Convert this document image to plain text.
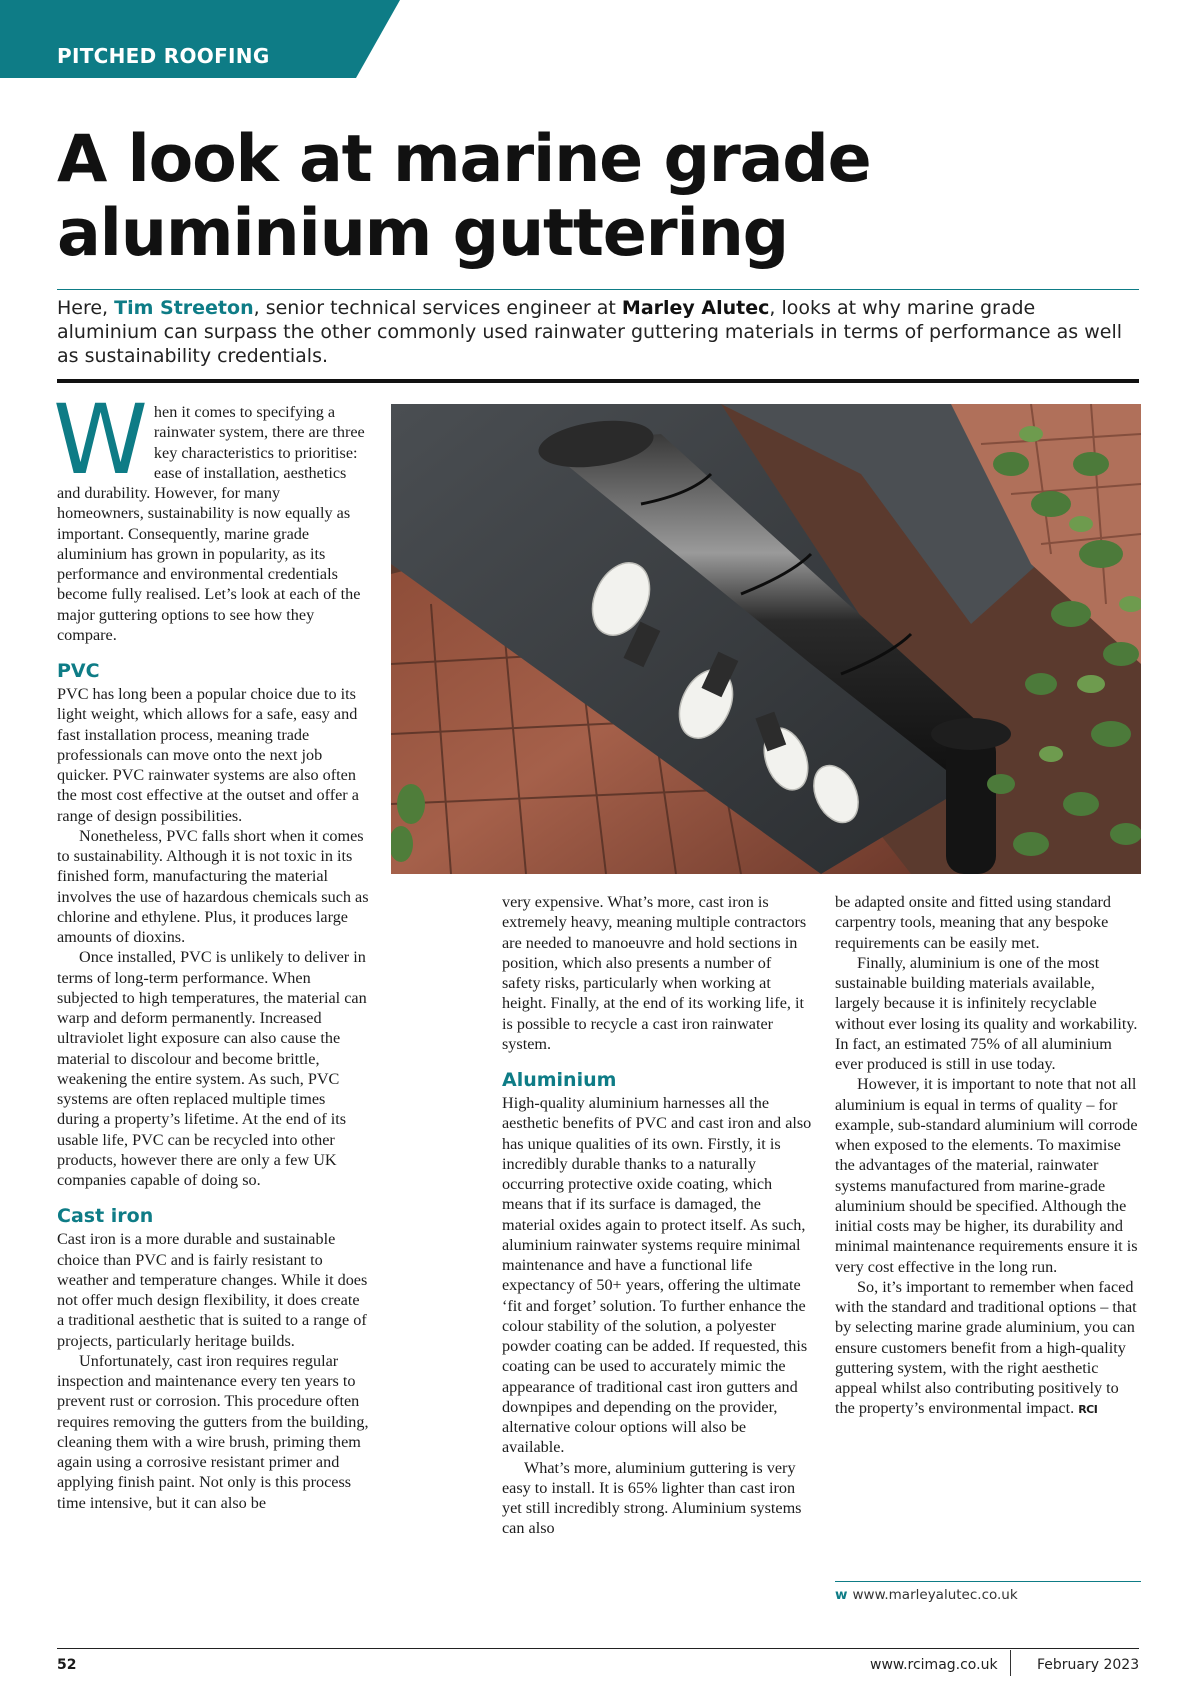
PITCHED ROOFING
A look at marine grade
aluminium guttering

Here, Tim Streeton, senior technical services engineer at Marley Alutec, looks at why marine grade aluminium can surpass the other commonly used rainwater guttering materials in terms of performance as well as sustainability credentials.

When it comes to specifying a rainwater system, there are three key characteristics to prioritise: ease of installation, aesthetics and durability. However, for many homeowners, sustainability is now equally as important. Consequently, marine grade aluminium has grown in popularity, as its performance and environmental credentials become fully realised. Let’s look at each of the major guttering options to see how they compare.

PVC

PVC has long been a popular choice due to its light weight, which allows for a safe, easy and fast installation process, meaning trade professionals can move onto the next job quicker. PVC rainwater systems are also often the most cost effective at the outset and offer a range of design possibilities.

Nonetheless, PVC falls short when it comes to sustainability. Although it is not toxic in its finished form, manufacturing the material involves the use of hazardous chemicals such as chlorine and ethylene. Plus, it produces large amounts of dioxins.

Once installed, PVC is unlikely to deliver in terms of long-term performance. When subjected to high temperatures, the material can warp and deform permanently. Increased ultraviolet light exposure can also cause the material to discolour and become brittle, weakening the entire system. As such, PVC systems are often replaced multiple times during a property’s lifetime. At the end of its usable life, PVC can be recycled into other products, however there are only a few UK companies capable of doing so.

Cast iron

Cast iron is a more durable and sustainable choice than PVC and is fairly resistant to weather and temperature changes. While it does not offer much design flexibility, it does create a traditional aesthetic that is suited to a range of projects, particularly heritage builds.

Unfortunately, cast iron requires regular inspection and maintenance every ten years to prevent rust or corrosion. This procedure often requires removing the gutters from the building, cleaning them with a wire brush, priming them again using a corrosive resistant primer and applying finish paint. Not only is this process time intensive, but it can also be

very expensive. What’s more, cast iron is extremely heavy, meaning multiple contractors are needed to manoeuvre and hold sections in position, which also presents a number of safety risks, particularly when working at height. Finally, at the end of its working life, it is possible to recycle a cast iron rainwater system.

Aluminium

High-quality aluminium harnesses all the aesthetic benefits of PVC and cast iron and also has unique qualities of its own. Firstly, it is incredibly durable thanks to a naturally occurring protective oxide coating, which means that if its surface is damaged, the material oxides again to protect itself. As such, aluminium rainwater systems require minimal maintenance and have a functional life expectancy of 50+ years, offering the ultimate ‘fit and forget’ solution. To further enhance the colour stability of the solution, a polyester powder coating can be added. If requested, this coating can be used to accurately mimic the appearance of traditional cast iron gutters and downpipes and depending on the provider, alternative colour options will also be available.

What’s more, aluminium guttering is very easy to install. It is 65% lighter than cast iron yet still incredibly strong. Aluminium systems can also

be adapted onsite and fitted using standard carpentry tools, meaning that any bespoke requirements can be easily met.

Finally, aluminium is one of the most sustainable building materials available, largely because it is infinitely recyclable without ever losing its quality and workability. In fact, an estimated 75% of all aluminium ever produced is still in use today.

However, it is important to note that not all aluminium is equal in terms of quality – for example, sub-standard aluminium will corrode when exposed to the elements. To maximise the advantages of the material, rainwater systems manufactured from marine-grade aluminium should be specified. Although the initial costs may be higher, its durability and minimal maintenance requirements ensure it is very cost effective in the long run.

So, it’s important to remember when faced with the standard and traditional options – that by selecting marine grade aluminium, you can ensure customers benefit from a high-quality guttering system, with the right aesthetic appeal whilst also contributing positively to the property’s environmental impact. RCI

w www.marleyalutec.co.uk
52	www.rcimag.co.uk	February 2023
